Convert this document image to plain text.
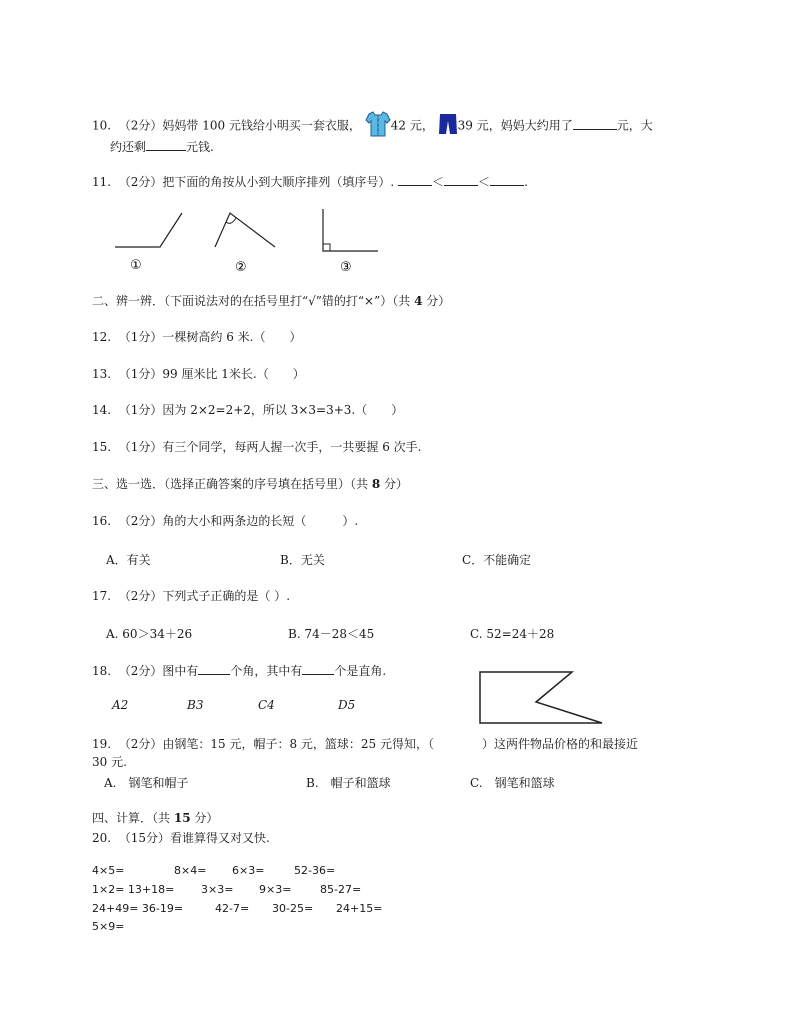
10. （2分）妈妈带 100 元钱给小明买一套衣服， 42 元， 39 元，妈妈大约用了	元，大
约还剩	元钱.
11. （2分）把下面的角按从小到大顺序排列（填序号）.	＜	＜	.
①	②	③
二、辨一辨．（下面说法对的在括号里打“√”错的打“×”）（共 4 分）
12. （1分）一棵树高约 6 米.（　　）
13. （1分）99 厘米比 1米长.（　　）
14. （1分）因为 2×2=2+2，所以 3×3=3+3.（　　）
15. （1分）有三个同学，每两人握一次手，一共要握 6 次手.
三、选一选．（选择正确答案的序号填在括号里）（共 8 分）
16. （2分）角的大小和两条边的长短（　　　）.
A．有关	B．无关	C．不能确定
17. （2分）下列式子正确的是（ ）.
A. 60＞34＋26	B. 74－28＜45	C. 52=24＋28
18. （2分）图中有	个角，其中有	个是直角.
A2	B3	C4	D5
19. （2分）由钢笔：15 元，帽子：8 元，篮球：25 元得知，（　　　　）这两件物品价格的和最接近
30 元.
A.　钢笔和帽子	B.　帽子和篮球	C.　钢笔和篮球
四、计算．（共 15 分）
20. （15分）看谁算得又对又快.
4×5=	8×4= 6×3=	52-36=
1×2= 13+18= 3×3= 9×3=	85-27=
24+49= 36-19=	42-7= 30-25= 24+15=
5×9=
